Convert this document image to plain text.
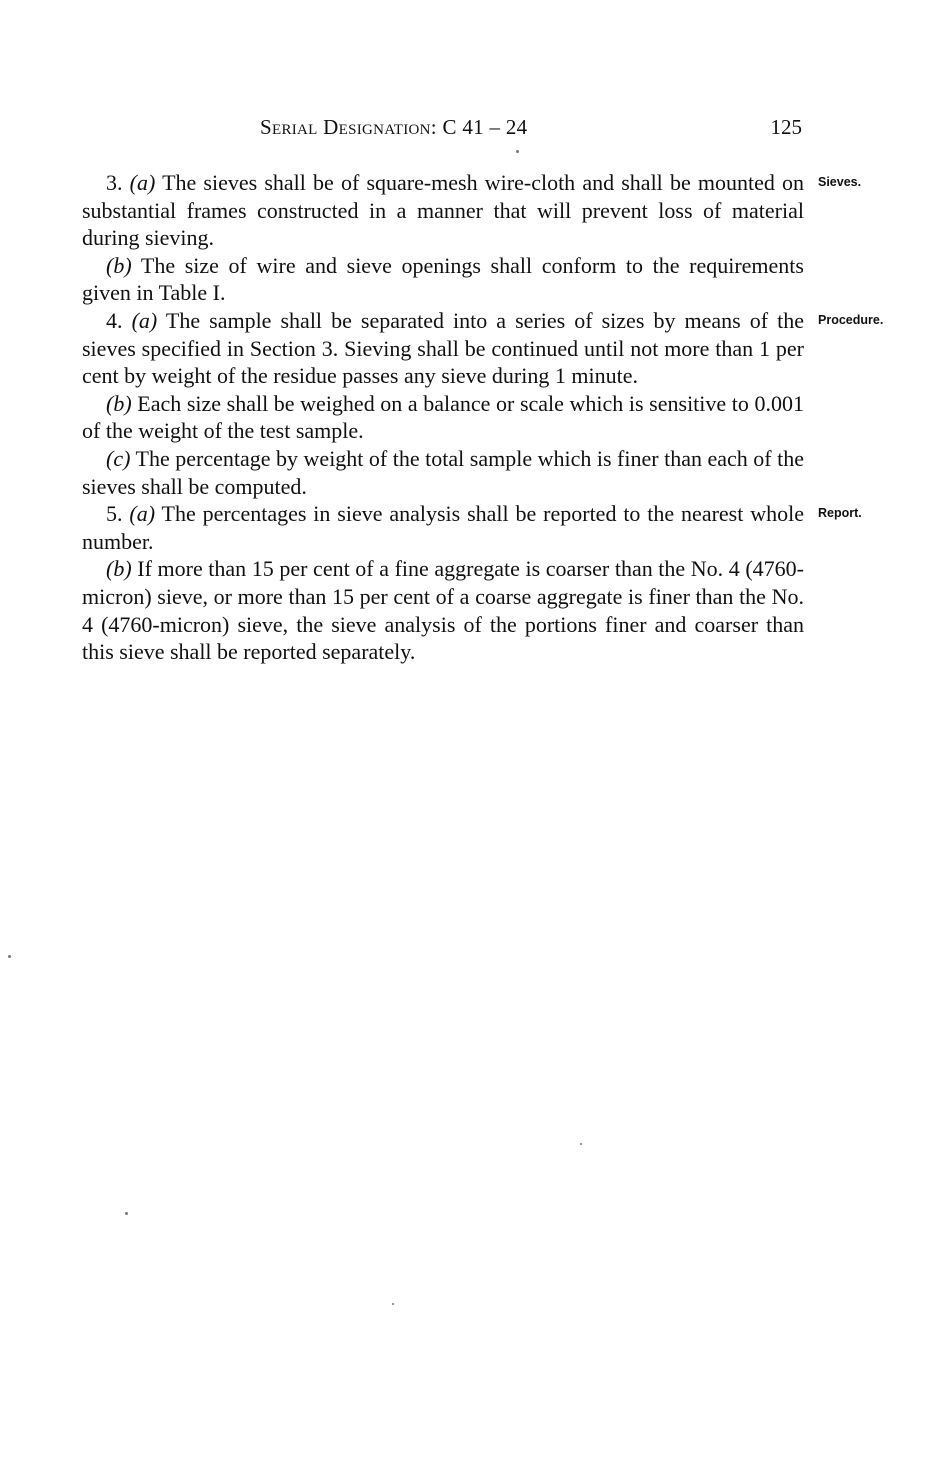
Serial Designation: C 41 – 24	125

3. (a) The sieves shall be of square-mesh wire-cloth and shall be mounted on substantial frames constructed in a manner that will prevent loss of material during sieving.
Sieves.

(b) The size of wire and sieve openings shall conform to the requirements given in Table I.

4. (a) The sample shall be separated into a series of sizes by means of the sieves specified in Section 3. Sieving shall be continued until not more than 1 per cent by weight of the residue passes any sieve during 1 minute.
Procedure.

(b) Each size shall be weighed on a balance or scale which is sensitive to 0.001 of the weight of the test sample.

(c) The percentage by weight of the total sample which is finer than each of the sieves shall be computed.

5. (a) The percentages in sieve analysis shall be reported to the nearest whole number.
Report.

(b) If more than 15 per cent of a fine aggregate is coarser than the No. 4 (4760-micron) sieve, or more than 15 per cent of a coarse aggregate is finer than the No. 4 (4760-micron) sieve, the sieve analysis of the portions finer and coarser than this sieve shall be reported separately.
